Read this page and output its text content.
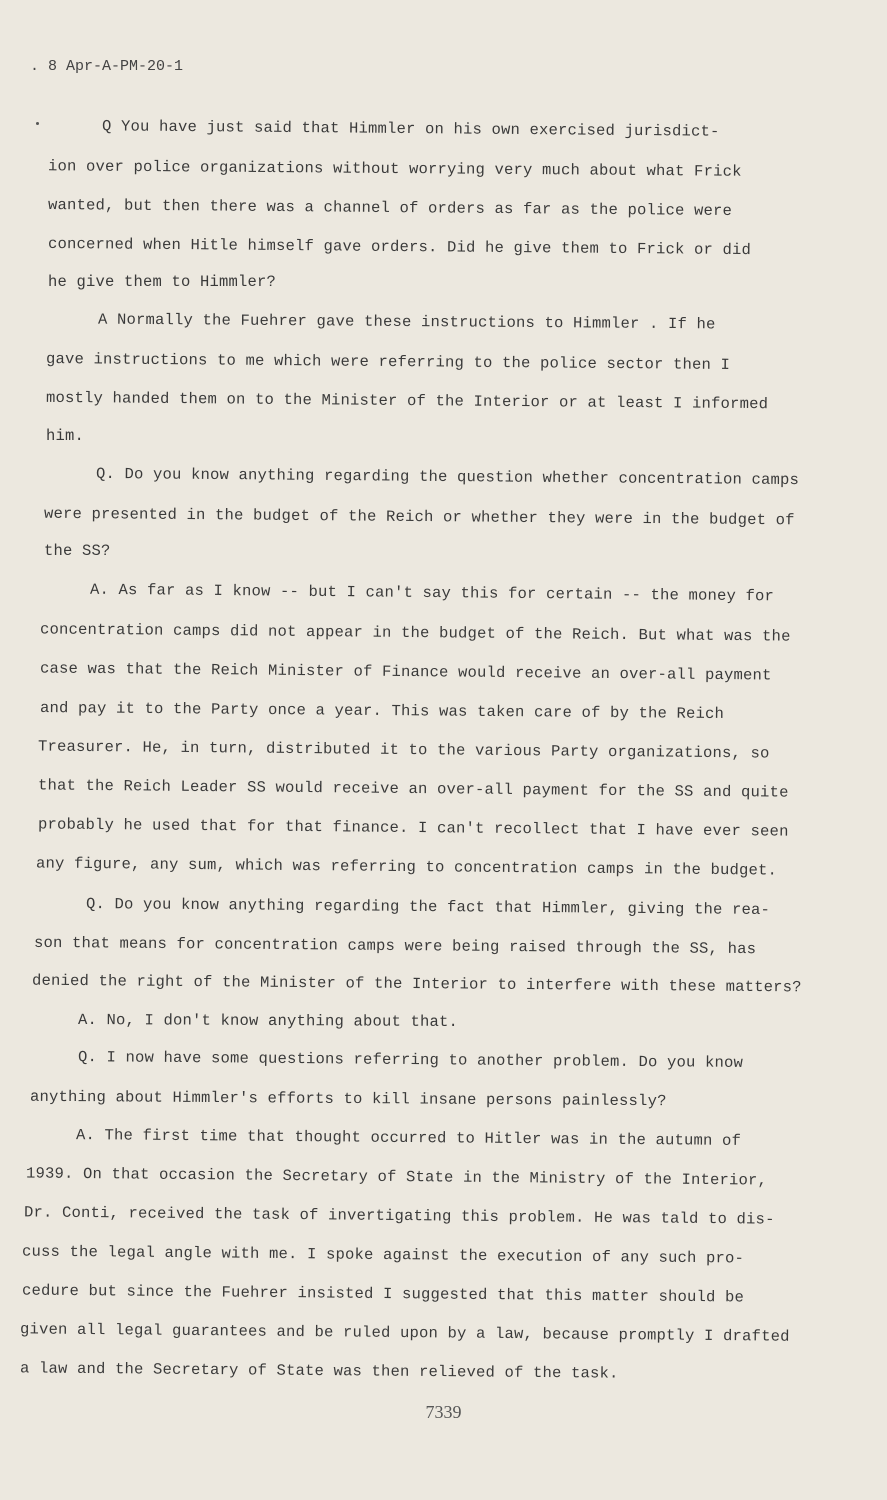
. 8 Apr-A-PM-20-1
Q You have just said that Himmler on his own exercised jurisdict-
ion over police organizations without worrying very much about what Frick
wanted, but then there was a channel of orders as far as the police were
concerned when Hitle himself gave orders. Did he give them to Frick or did
he give them to Himmler?
A Normally the Fuehrer gave these instructions to Himmler . If he
gave instructions to me which were referring to the police sector then I
mostly handed them on to the Minister of the Interior or at least I informed
him.
Q. Do you know anything regarding the question whether concentration camps
were presented in the budget of the Reich or whether they were in the budget of
the SS?
A. As far as I know -- but I can't say this for certain -- the money for
concentration camps did not appear in the budget of the Reich. But what was the
case was that the Reich Minister of Finance would receive an over-all payment
and pay it to the Party once a year. This was taken care of by the Reich
Treasurer. He, in turn, distributed it to the various Party organizations, so
that the Reich Leader SS would receive an over-all payment for the SS and quite
probably he used that for that finance. I can't recollect that I have ever seen
any figure, any sum, which was referring to concentration camps in the budget.
Q. Do you know anything regarding the fact that Himmler, giving the rea-
son that means for concentration camps were being raised through the SS, has
denied the right of the Minister of the Interior to interfere with these matters?
A. No, I don't know anything about that.
Q. I now have some questions referring to another problem. Do you know
anything about Himmler's efforts to kill insane persons painlessly?
A. The first time that thought occurred to Hitler was in the autumn of
1939. On that occasion the Secretary of State in the Ministry of the Interior,
Dr. Conti, received the task of invertigating this problem. He was tald to dis-
cuss the legal angle with me. I spoke against the execution of any such pro-
cedure but since the Fuehrer insisted I suggested that this matter should be
given all legal guarantees and be ruled upon by a law, because promptly I drafted
a law and the Secretary of State was then relieved of the task.
7339
